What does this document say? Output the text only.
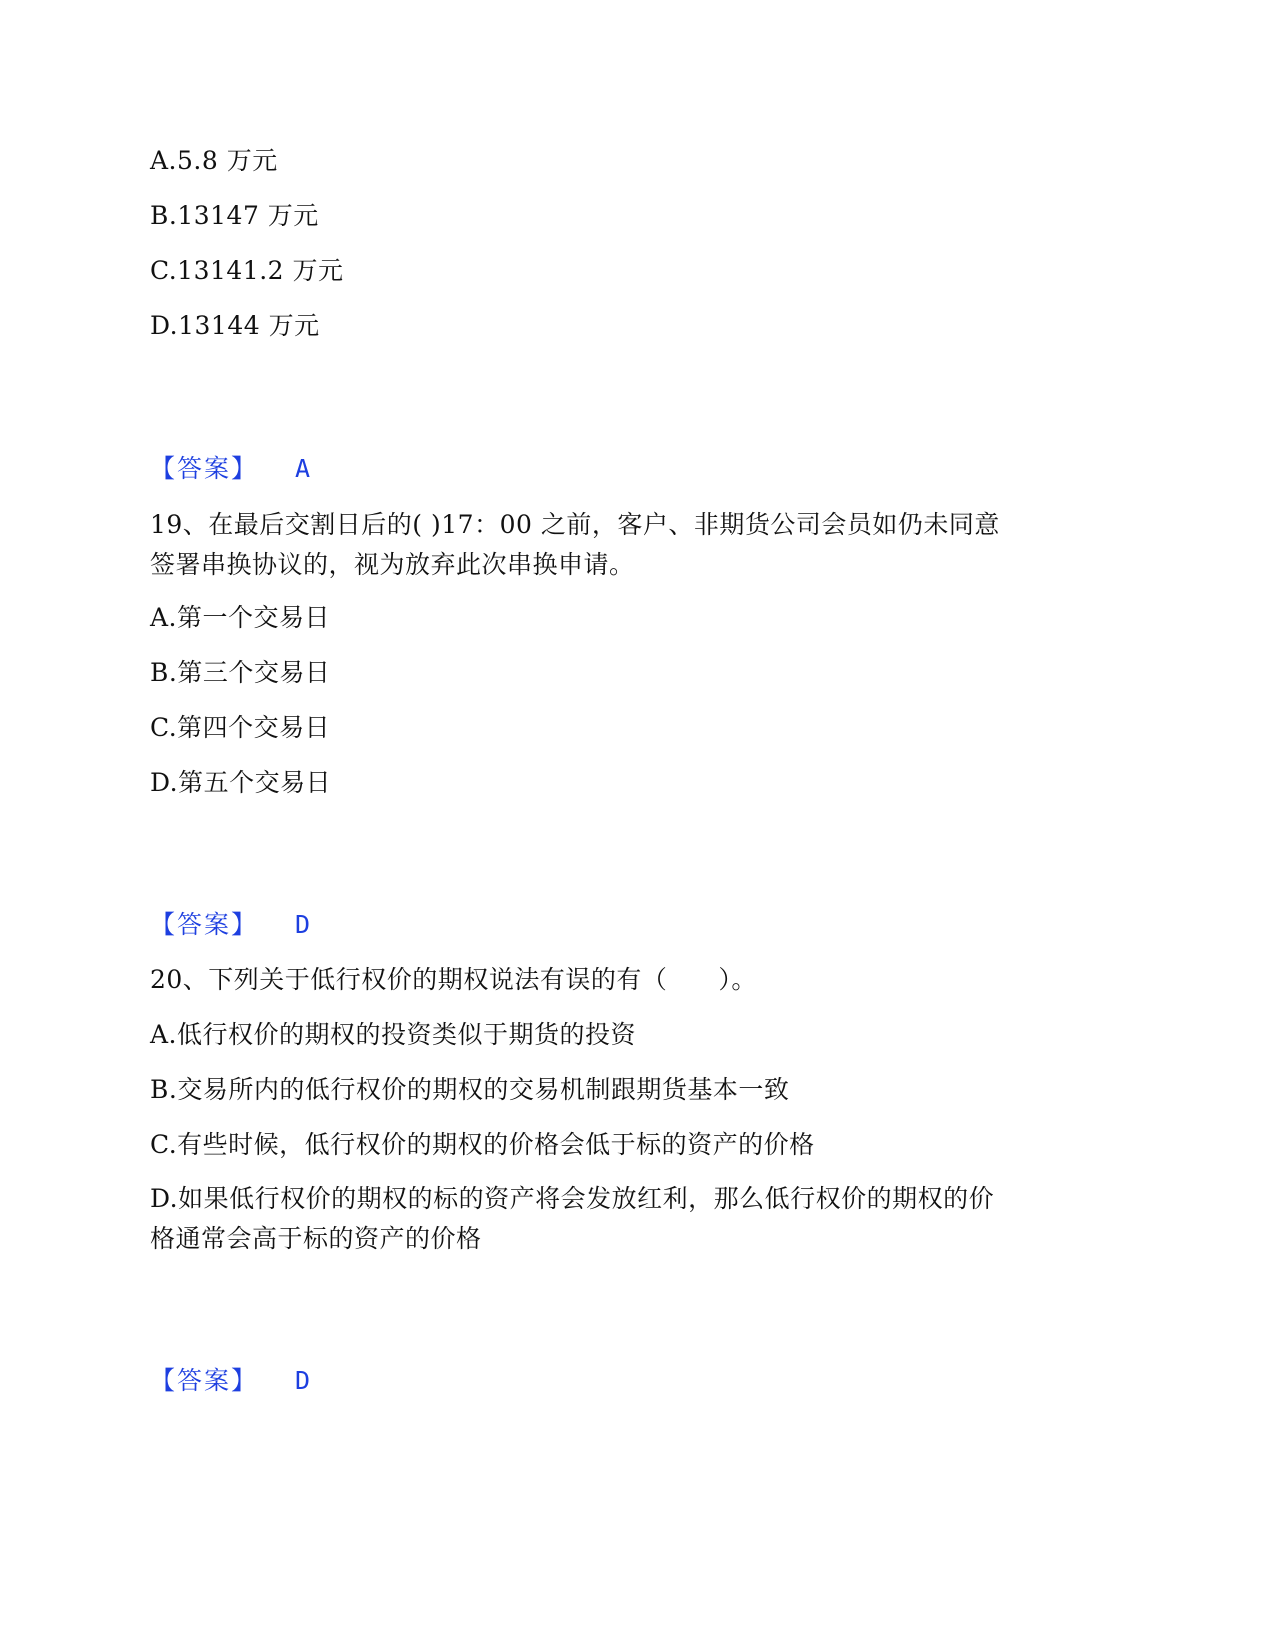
A.5.8 万元
B.13147 万元
C.13141.2 万元
D.13144 万元
【答案】 A
19、在最后交割日后的( )17：00 之前，客户、非期货公司会员如仍未同意
签署串换协议的，视为放弃此次串换申请。
A.第一个交易日
B.第三个交易日
C.第四个交易日
D.第五个交易日
【答案】 D
20、下列关于低行权价的期权说法有误的有（　　）。
A.低行权价的期权的投资类似于期货的投资
B.交易所内的低行权价的期权的交易机制跟期货基本一致
C.有些时候，低行权价的期权的价格会低于标的资产的价格
D.如果低行权价的期权的标的资产将会发放红利，那么低行权价的期权的价
格通常会高于标的资产的价格
【答案】 D
